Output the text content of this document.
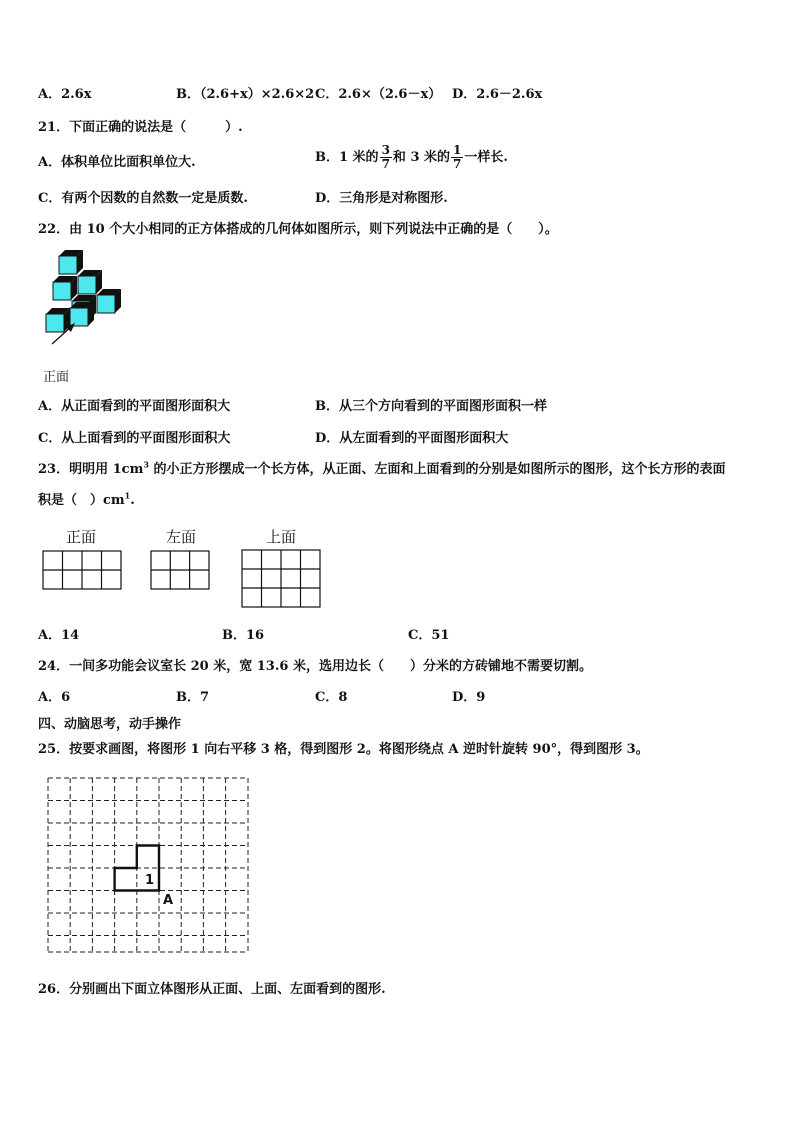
A．2.6x	B．（2.6+x）×2.6×2 C．2.6×（2.6－x） D．2.6－2.6x
21．下面正确的说法是（　　　）.
A．体积单位比面积单位大.	B．1 米的 $\frac{3}{7}$ 和 3 米的 $\frac{1}{7}$ 一样长.
C．有两个因数的自然数一定是质数.	D．三角形是对称图形.
22．由 10 个大小相同的正方体搭成的几何体如图所示，则下列说法中正确的是（　　）。
正面
A．从正面看到的平面图形面积大	B．从三个方向看到的平面图形面积一样
C．从上面看到的平面图形面积大	D．从左面看到的平面图形面积大
23．明明用 $1cm^3$ 的小正方形摆成一个长方体，从正面、左面和上面看到的分别是如图所示的图形，这个长方形的表面
积是（　）$cm^1$.
正面	左面	上面
A．14	B．16	C．51
24．一间多功能会议室长 20 米，宽 13.6 米，选用边长（　　）分米的方砖铺地不需要切割。
A．6	B．7	C．8	D．9
四、动脑思考，动手操作
25．按要求画图，将图形 1 向右平移 3 格，得到图形 2。将图形绕点 A 逆时针旋转 90°，得到图形 3。
1
A
26．分别画出下面立体图形从正面、上面、左面看到的图形.
